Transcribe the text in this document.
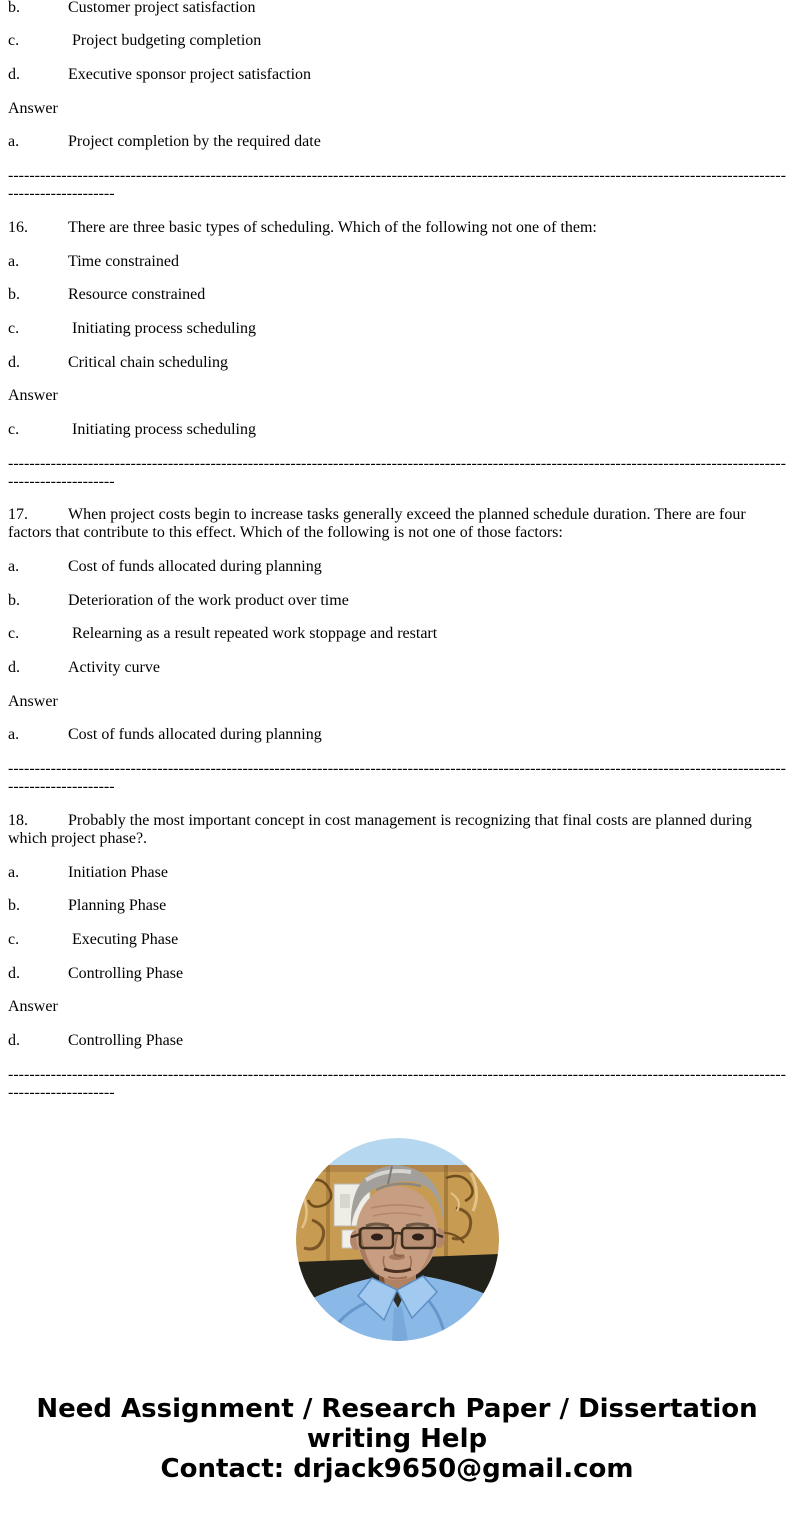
b.	Customer project satisfaction

c.	Project budgeting completion

d.	Executive sponsor project satisfaction

Answer

a.	Project completion by the required date

----------------------------------------------------------------------------------------------------------------------------------------------------------------------

16.	There are three basic types of scheduling. Which of the following not one of them:

a.	Time constrained

b.	Resource constrained

c.	Initiating process scheduling

d.	Critical chain scheduling

Answer

c.	Initiating process scheduling

----------------------------------------------------------------------------------------------------------------------------------------------------------------------

17.	When project costs begin to increase tasks generally exceed the planned schedule duration. There are four factors that contribute to this effect. Which of the following is not one of those factors:

a.	Cost of funds allocated during planning

b.	Deterioration of the work product over time

c.	Relearning as a result repeated work stoppage and restart

d.	Activity curve

Answer

a.	Cost of funds allocated during planning

----------------------------------------------------------------------------------------------------------------------------------------------------------------------

18.	Probably the most important concept in cost management is recognizing that final costs are planned during which project phase?.

a.	Initiation Phase

b.	Planning Phase

c.	Executing Phase

d.	Controlling Phase

Answer

d.	Controlling Phase

----------------------------------------------------------------------------------------------------------------------------------------------------------------------

Need Assignment / Research Paper / Dissertation
writing Help
Contact: drjack9650@gmail.com
